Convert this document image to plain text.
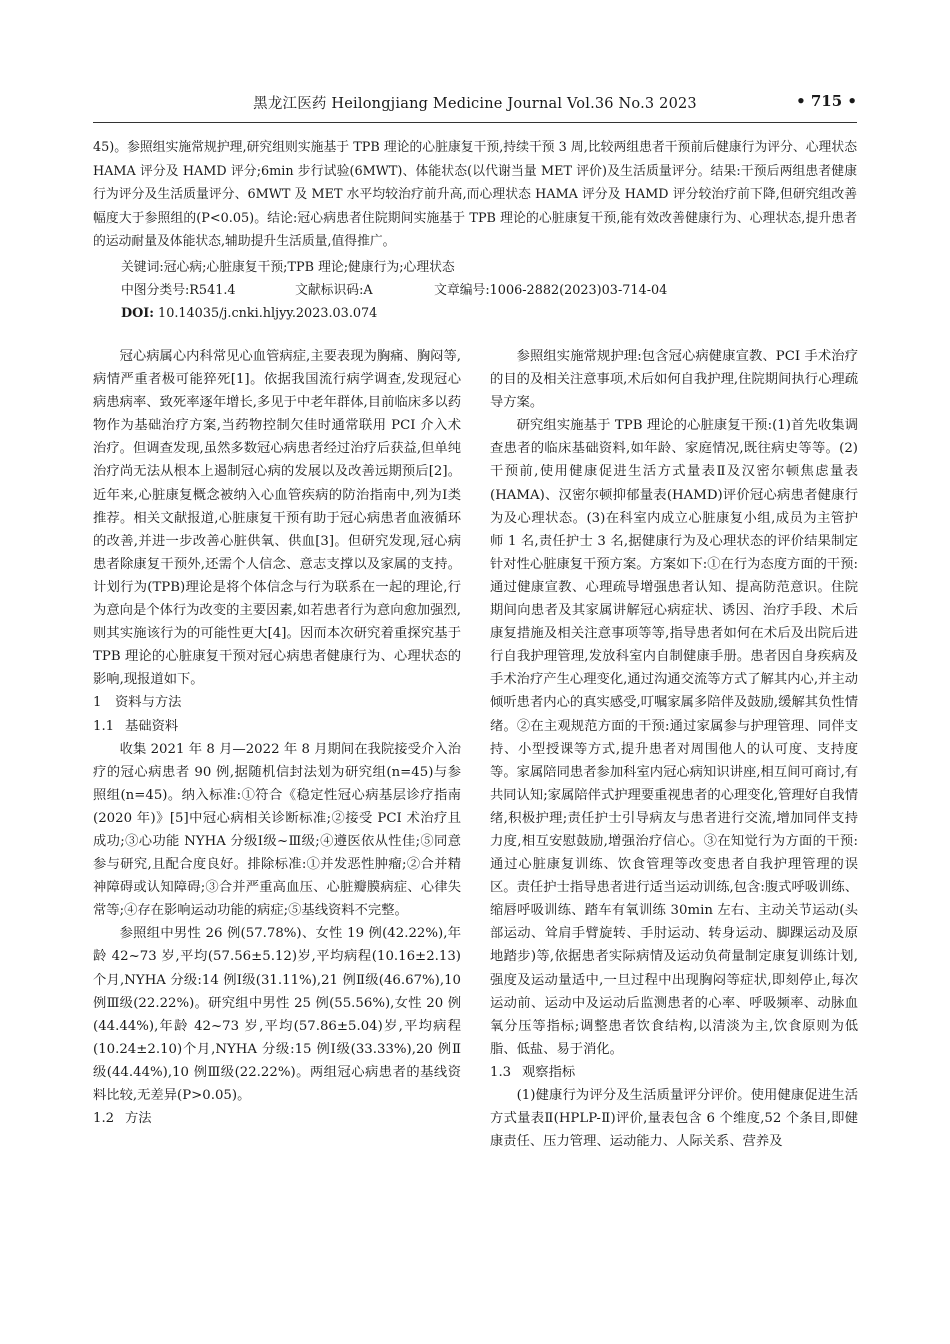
黑龙江医药 Heilongjiang Medicine Journal Vol.36 No.3 2023	• 715 •

45)。参照组实施常规护理,研究组则实施基于 TPB 理论的心脏康复干预,持续干预 3 周,比较两组患者干预前后健康行为评分、心理状态 HAMA 评分及 HAMD 评分;6min 步行试验(6MWT)、体能状态(以代谢当量 MET 评价)及生活质量评分。结果:干预后两组患者健康行为评分及生活质量评分、6MWT 及 MET 水平均较治疗前升高,而心理状态 HAMA 评分及 HAMD 评分较治疗前下降,但研究组改善幅度大于参照组的(P<0.05)。结论:冠心病患者住院期间实施基于 TPB 理论的心脏康复干预,能有效改善健康行为、心理状态,提升患者的运动耐量及体能状态,辅助提升生活质量,值得推广。

关键词:冠心病;心脏康复干预;TPB 理论;健康行为;心理状态
中图分类号:R541.4	文献标识码:A	文章编号:1006-2882(2023)03-714-04
DOI: 10.14035/j.cnki.hljyy.2023.03.074

冠心病属心内科常见心血管病症,主要表现为胸痛、胸闷等,病情严重者极可能猝死[1]。依据我国流行病学调查,发现冠心病患病率、致死率逐年增长,多见于中老年群体,目前临床多以药物作为基础治疗方案,当药物控制欠佳时通常联用 PCI 介入术治疗。但调查发现,虽然多数冠心病患者经过治疗后获益,但单纯治疗尚无法从根本上遏制冠心病的发展以及改善远期预后[2]。近年来,心脏康复概念被纳入心血管疾病的防治指南中,列为Ⅰ类推荐。相关文献报道,心脏康复干预有助于冠心病患者血液循环的改善,并进一步改善心脏供氧、供血[3]。但研究发现,冠心病患者除康复干预外,还需个人信念、意志支撑以及家属的支持。计划行为(TPB)理论是将个体信念与行为联系在一起的理论,行为意向是个体行为改变的主要因素,如若患者行为意向愈加强烈,则其实施该行为的可能性更大[4]。因而本次研究着重探究基于 TPB 理论的心脏康复干预对冠心病患者健康行为、心理状态的影响,现报道如下。

1 资料与方法

1.1 基础资料

收集 2021 年 8 月—2022 年 8 月期间在我院接受介入治疗的冠心病患者 90 例,据随机信封法划为研究组(n=45)与参照组(n=45)。纳入标准:①符合《稳定性冠心病基层诊疗指南(2020 年)》[5]中冠心病相关诊断标准;②接受 PCI 术治疗且成功;③心功能 NYHA 分级Ⅰ级~Ⅲ级;④遵医依从性佳;⑤同意参与研究,且配合度良好。排除标准:①并发恶性肿瘤;②合并精神障碍或认知障碍;③合并严重高血压、心脏瓣膜病症、心律失常等;④存在影响运动功能的病症;⑤基线资料不完整。

参照组中男性 26 例(57.78%)、女性 19 例(42.22%),年龄 42~73 岁,平均(57.56±5.12)岁,平均病程(10.16±2.13)个月,NYHA 分级:14 例Ⅰ级(31.11%),21 例Ⅱ级(46.67%),10 例Ⅲ级(22.22%)。研究组中男性 25 例(55.56%),女性 20 例(44.44%),年龄 42~73 岁,平均(57.86±5.04)岁,平均病程(10.24±2.10)个月,NYHA 分级:15 例Ⅰ级(33.33%),20 例Ⅱ级(44.44%),10 例Ⅲ级(22.22%)。两组冠心病患者的基线资料比较,无差异(P>0.05)。

1.2 方法

参照组实施常规护理:包含冠心病健康宣教、PCI 手术治疗的目的及相关注意事项,术后如何自我护理,住院期间执行心理疏导方案。

研究组实施基于 TPB 理论的心脏康复干预:(1)首先收集调查患者的临床基础资料,如年龄、家庭情况,既往病史等等。(2)干预前,使用健康促进生活方式量表Ⅱ及汉密尔顿焦虑量表(HAMA)、汉密尔顿抑郁量表(HAMD)评价冠心病患者健康行为及心理状态。(3)在科室内成立心脏康复小组,成员为主管护师 1 名,责任护士 3 名,据健康行为及心理状态的评价结果制定针对性心脏康复干预方案。方案如下:①在行为态度方面的干预:通过健康宣教、心理疏导增强患者认知、提高防范意识。住院期间向患者及其家属讲解冠心病症状、诱因、治疗手段、术后康复措施及相关注意事项等等,指导患者如何在术后及出院后进行自我护理管理,发放科室内自制健康手册。患者因自身疾病及手术治疗产生心理变化,通过沟通交流等方式了解其内心,并主动倾听患者内心的真实感受,叮嘱家属多陪伴及鼓励,缓解其负性情绪。②在主观规范方面的干预:通过家属参与护理管理、同伴支持、小型授课等方式,提升患者对周围他人的认可度、支持度等。家属陪同患者参加科室内冠心病知识讲座,相互间可商讨,有共同认知;家属陪伴式护理要重视患者的心理变化,管理好自我情绪,积极护理;责任护士引导病友与患者进行交流,增加同伴支持力度,相互安慰鼓励,增强治疗信心。③在知觉行为方面的干预:通过心脏康复训练、饮食管理等改变患者自我护理管理的误区。责任护士指导患者进行适当运动训练,包含:腹式呼吸训练、缩唇呼吸训练、踏车有氧训练 30min 左右、主动关节运动(头部运动、耸肩手臂旋转、手肘运动、转身运动、脚踝运动及原地踏步)等,依据患者实际病情及运动负荷量制定康复训练计划,强度及运动量适中,一旦过程中出现胸闷等症状,即刻停止,每次运动前、运动中及运动后监测患者的心率、呼吸频率、动脉血氧分压等指标;调整患者饮食结构,以清淡为主,饮食原则为低脂、低盐、易于消化。

1.3 观察指标

(1)健康行为评分及生活质量评分评价。使用健康促进生活方式量表Ⅱ(HPLP-Ⅱ)评价,量表包含 6 个维度,52 个条目,即健康责任、压力管理、运动能力、人际关系、营养及
